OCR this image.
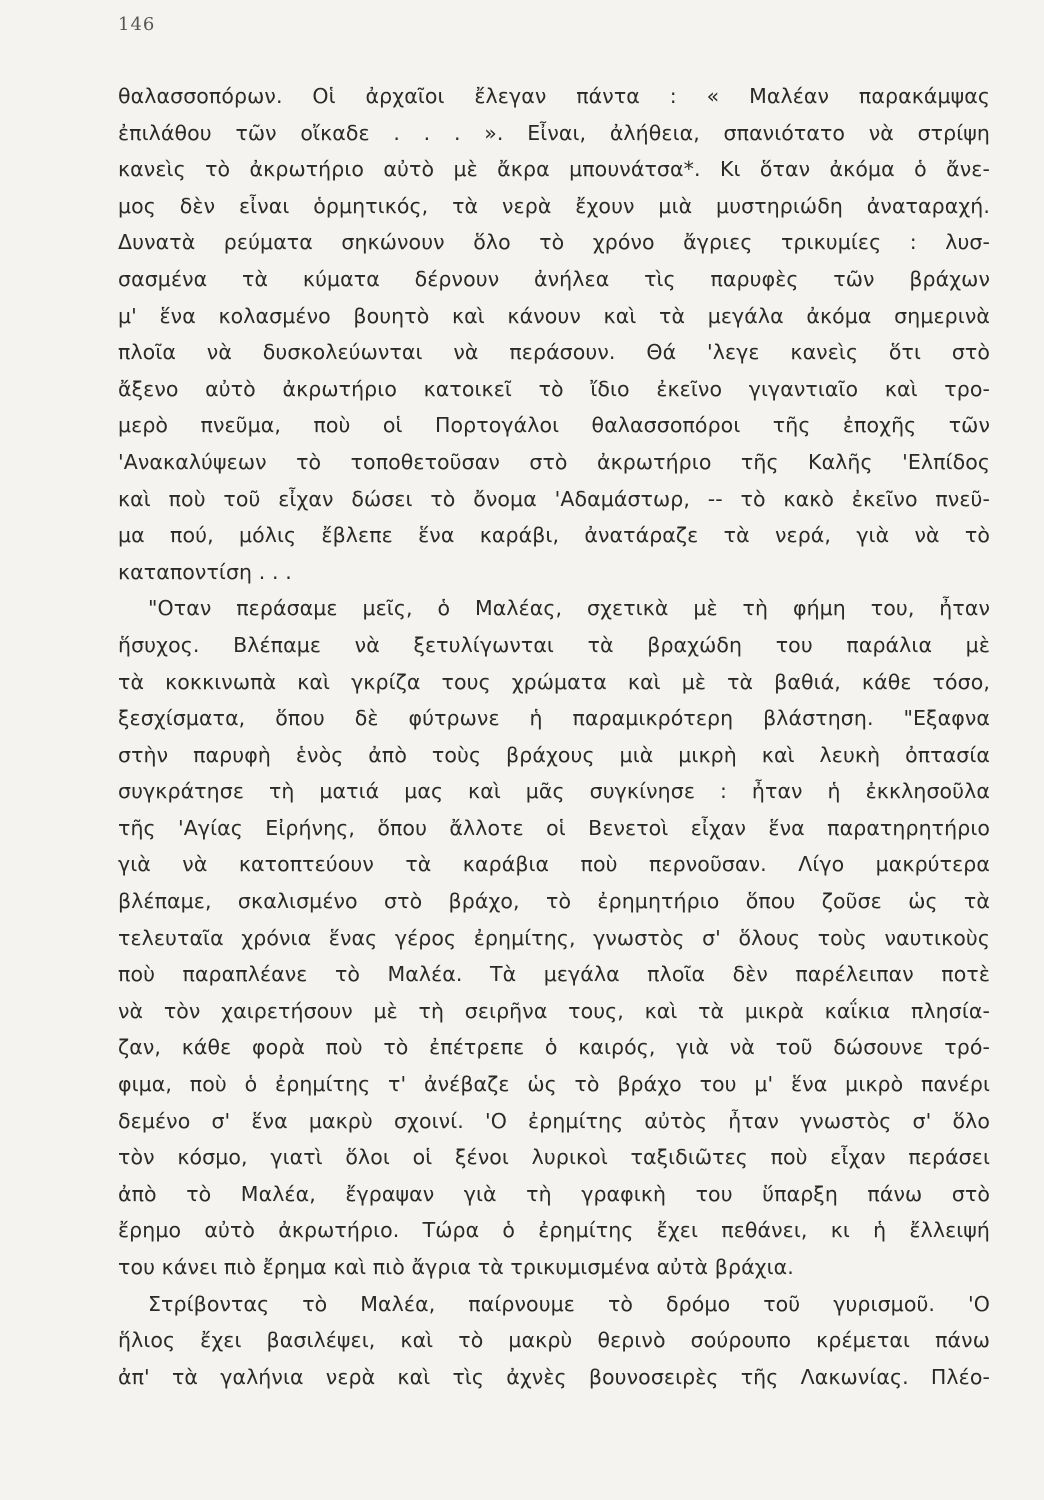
146
θαλασσοπόρων. Οἱ ἀρχαῖοι ἔλεγαν πάντα : « Μαλέαν παρακάμψας
ἐπιλάθου τῶν οἴκαδε . . . ». Εἶναι, ἀλήθεια, σπανιότατο νὰ στρίψη
κανεὶς τὸ ἀκρωτήριο αὐτὸ μὲ ἄκρα μπουνάτσα*. Κι ὅταν ἀκόμα ὁ ἄνε-
μος δὲν εἶναι ὁρμητικός, τὰ νερὰ ἔχουν μιὰ μυστηριώδη ἀναταραχή.
Δυνατὰ ρεύματα σηκώνουν ὅλο τὸ χρόνο ἄγριες τρικυμίες : λυσ-
σασμένα τὰ κύματα δέρνουν ἀνήλεα τὶς παρυφὲς τῶν βράχων
μ' ἕνα κολασμένο βουητὸ καὶ κάνουν καὶ τὰ μεγάλα ἀκόμα σημερινὰ
πλοῖα νὰ δυσκολεύωνται νὰ περάσουν. Θά 'λεγε κανεὶς ὅτι στὸ
ἄξενο αὐτὸ ἀκρωτήριο κατοικεῖ τὸ ἴδιο ἐκεῖνο γιγαντιαῖο καὶ τρο-
μερὸ πνεῦμα, ποὺ οἱ Πορτογάλοι θαλασσοπόροι τῆς ἐποχῆς τῶν
'Ανακαλύψεων τὸ τοποθετοῦσαν στὸ ἀκρωτήριο τῆς Καλῆς 'Ελπίδος
καὶ ποὺ τοῦ εἶχαν δώσει τὸ ὄνομα 'Αδαμάστωρ, -- τὸ κακὸ ἐκεῖνο πνεῦ-
μα πού, μόλις ἔβλεπε ἕνα καράβι, ἀνατάραζε τὰ νερά, γιὰ νὰ τὸ
καταποντίση . . .
"Οταν περάσαμε μεῖς, ὁ Μαλέας, σχετικὰ μὲ τὴ φήμη του, ἦταν
ἥσυχος. Βλέπαμε νὰ ξετυλίγωνται τὰ βραχώδη του παράλια μὲ
τὰ κοκκινωπὰ καὶ γκρίζα τους χρώματα καὶ μὲ τὰ βαθιά, κάθε τόσο,
ξεσχίσματα, ὅπου δὲ φύτρωνε ἡ παραμικρότερη βλάστηση. "Εξαφνα
στὴν παρυφὴ ἑνὸς ἀπὸ τοὺς βράχους μιὰ μικρὴ καὶ λευκὴ ὀπτασία
συγκράτησε τὴ ματιά μας καὶ μᾶς συγκίνησε : ἦταν ἡ ἐκκλησοῦλα
τῆς 'Αγίας Εἰρήνης, ὅπου ἄλλοτε οἱ Βενετοὶ εἶχαν ἕνα παρατηρητήριο
γιὰ νὰ κατοπτεύουν τὰ καράβια ποὺ περνοῦσαν. Λίγο μακρύτερα
βλέπαμε, σκαλισμένο στὸ βράχο, τὸ ἐρημητήριο ὅπου ζοῦσε ὡς τὰ
τελευταῖα χρόνια ἕνας γέρος ἐρημίτης, γνωστὸς σ' ὅλους τοὺς ναυτικοὺς
ποὺ παραπλέανε τὸ Μαλέα. Τὰ μεγάλα πλοῖα δὲν παρέλειπαν ποτὲ
νὰ τὸν χαιρετήσουν μὲ τὴ σειρῆνα τους, καὶ τὰ μικρὰ καΐκια πλησία-
ζαν, κάθε φορὰ ποὺ τὸ ἐπέτρεπε ὁ καιρός, γιὰ νὰ τοῦ δώσουνε τρό-
φιμα, ποὺ ὁ ἐρημίτης τ' ἀνέβαζε ὡς τὸ βράχο του μ' ἕνα μικρὸ πανέρι
δεμένο σ' ἕνα μακρὺ σχοινί. 'Ο ἐρημίτης αὐτὸς ἦταν γνωστὸς σ' ὅλο
τὸν κόσμο, γιατὶ ὅλοι οἱ ξένοι λυρικοὶ ταξιδιῶτες ποὺ εἶχαν περάσει
ἀπὸ τὸ Μαλέα, ἔγραψαν γιὰ τὴ γραφικὴ του ὕπαρξη πάνω στὸ
ἔρημο αὐτὸ ἀκρωτήριο. Τώρα ὁ ἐρημίτης ἔχει πεθάνει, κι ἡ ἔλλειψή
του κάνει πιὸ ἔρημα καὶ πιὸ ἄγρια τὰ τρικυμισμένα αὐτὰ βράχια.
Στρίβοντας τὸ Μαλέα, παίρνουμε τὸ δρόμο τοῦ γυρισμοῦ. 'Ο
ἥλιος ἔχει βασιλέψει, καὶ τὸ μακρὺ θερινὸ σούρουπο κρέμεται πάνω
ἀπ' τὰ γαλήνια νερὰ καὶ τὶς ἀχνὲς βουνοσειρὲς τῆς Λακωνίας. Πλέο-
